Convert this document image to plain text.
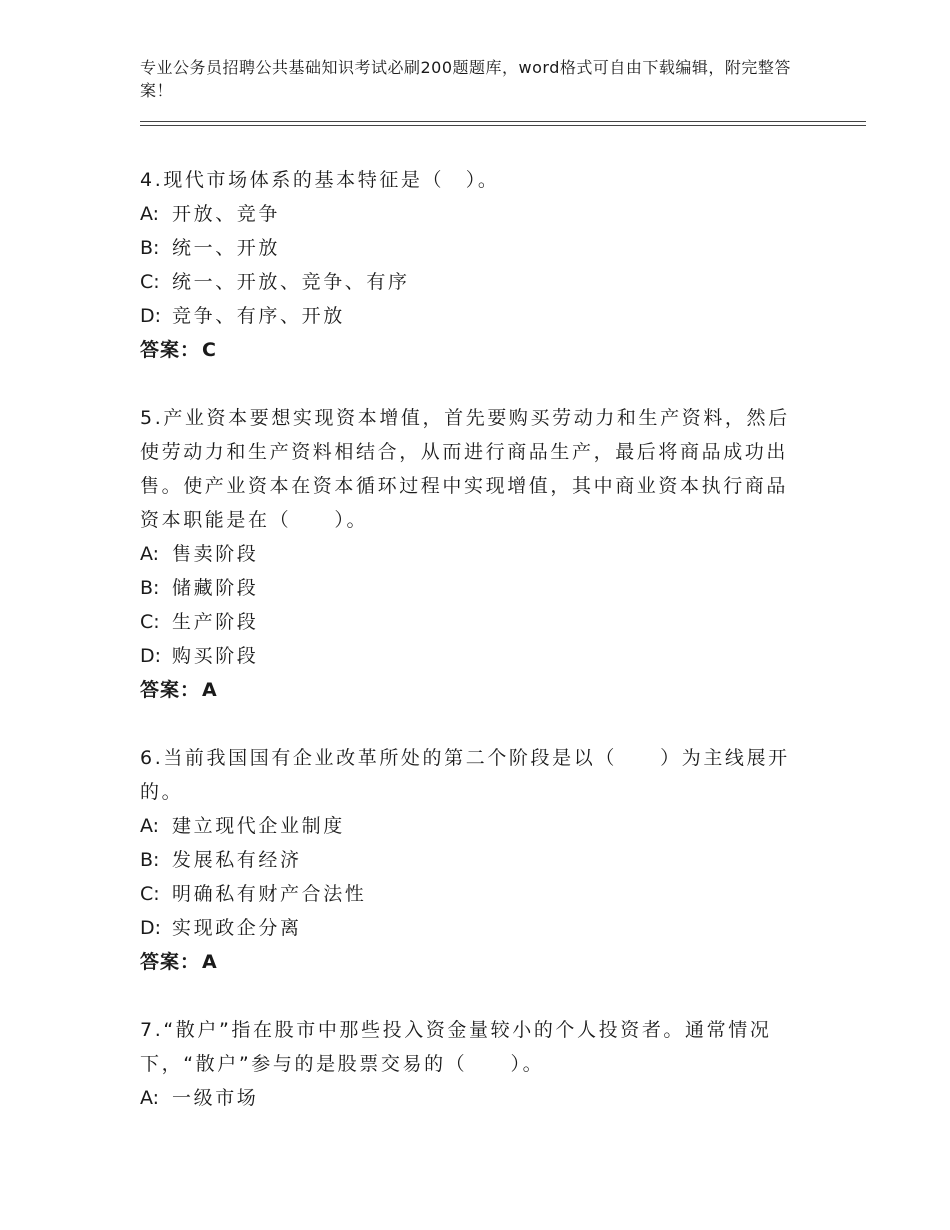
专业公务员招聘公共基础知识考试必刷200题题库，word格式可自由下载编辑，附完整答案！
4.现代市场体系的基本特征是（　）。
A: 开放、竞争
B: 统一、开放
C: 统一、开放、竞争、有序
D: 竞争、有序、开放
答案： C
5.产业资本要想实现资本增值，首先要购买劳动力和生产资料，然后使劳动力和生产资料相结合，从而进行商品生产，最后将商品成功出售。使产业资本在资本循环过程中实现增值，其中商业资本执行商品资本职能是在（　　）。
A: 售卖阶段
B: 储藏阶段
C: 生产阶段
D: 购买阶段
答案： A
6.当前我国国有企业改革所处的第二个阶段是以（　　）为主线展开的。
A: 建立现代企业制度
B: 发展私有经济
C: 明确私有财产合法性
D: 实现政企分离
答案： A
7.“散户”指在股市中那些投入资金量较小的个人投资者。通常情况下，“散户”参与的是股票交易的（　　）。
A: 一级市场
